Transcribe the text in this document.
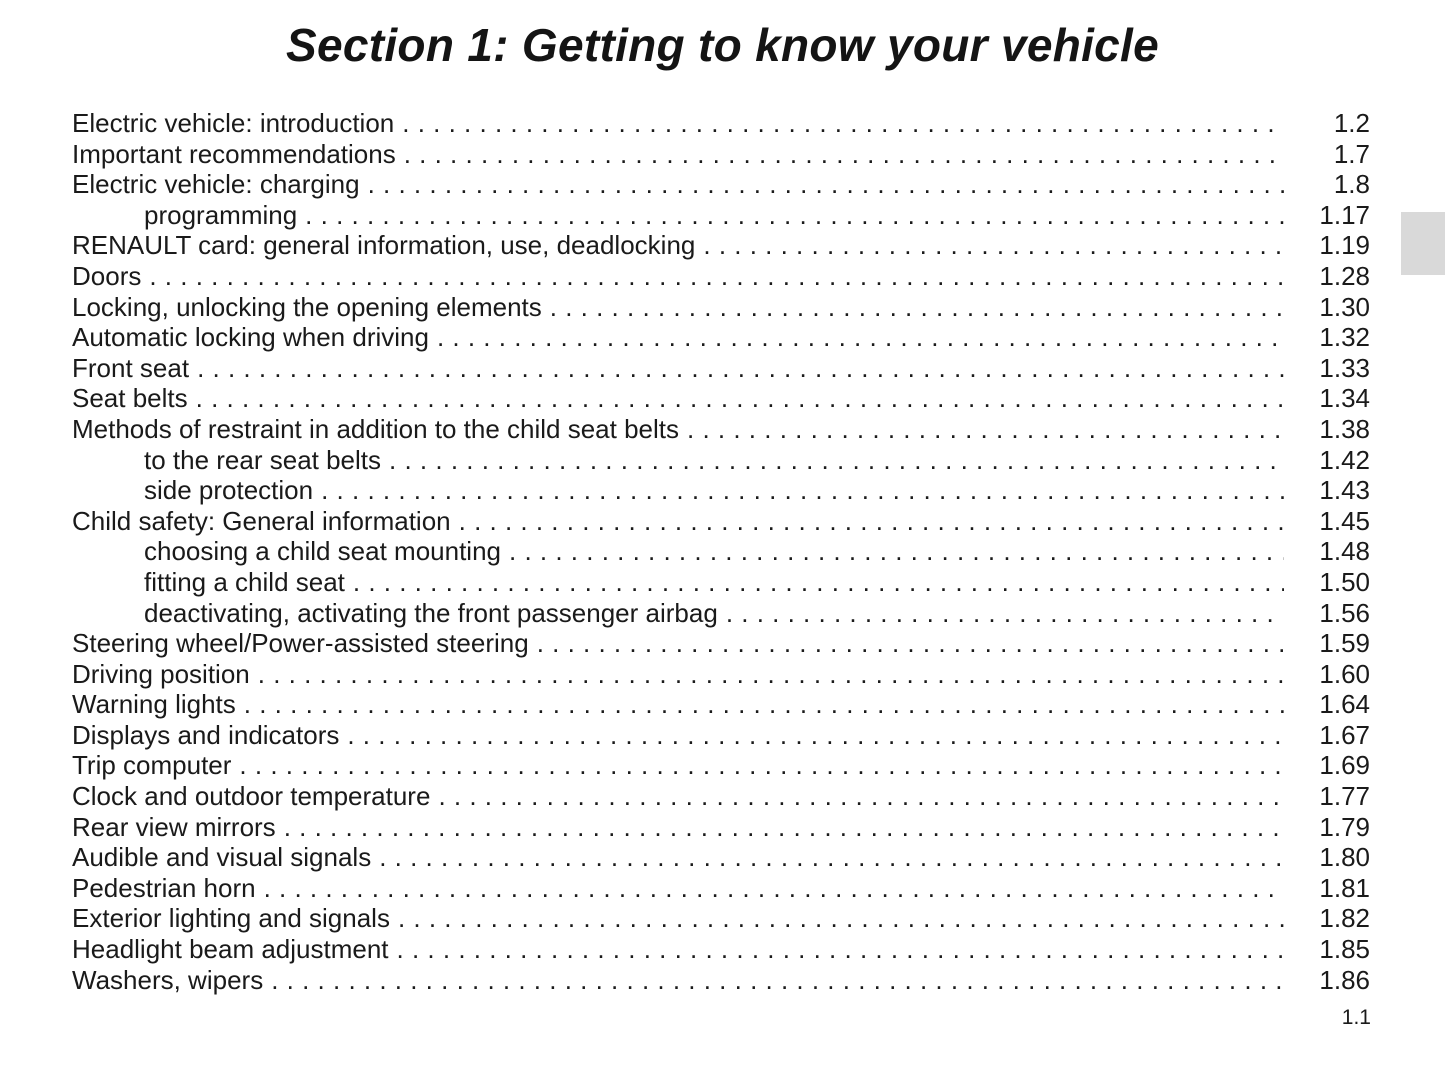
Section 1: Getting to know your vehicle
Electric vehicle: introduction . . .	1.2
Important recommendations . . .	1.7
Electric vehicle: charging . . .	1.8
programming . . .	1.17
RENAULT card: general information, use, deadlocking . . .	1.19
Doors . . .	1.28
Locking, unlocking the opening elements . . .	1.30
Automatic locking when driving . . .	1.32
Front seat . . .	1.33
Seat belts . . .	1.34
Methods of restraint in addition to the child seat belts . . .	1.38
to the rear seat belts . . .	1.42
side protection . . .	1.43
Child safety: General information . . .	1.45
choosing a child seat mounting . . .	1.48
fitting a child seat . . .	1.50
deactivating, activating the front passenger airbag . . .	1.56
Steering wheel/Power-assisted steering . . .	1.59
Driving position . . .	1.60
Warning lights . . .	1.64
Displays and indicators . . .	1.67
Trip computer . . .	1.69
Clock and outdoor temperature . . .	1.77
Rear view mirrors . . .	1.79
Audible and visual signals . . .	1.80
Pedestrian horn . . .	1.81
Exterior lighting and signals . . .	1.82
Headlight beam adjustment . . .	1.85
Washers, wipers . . .	1.86
1.1
